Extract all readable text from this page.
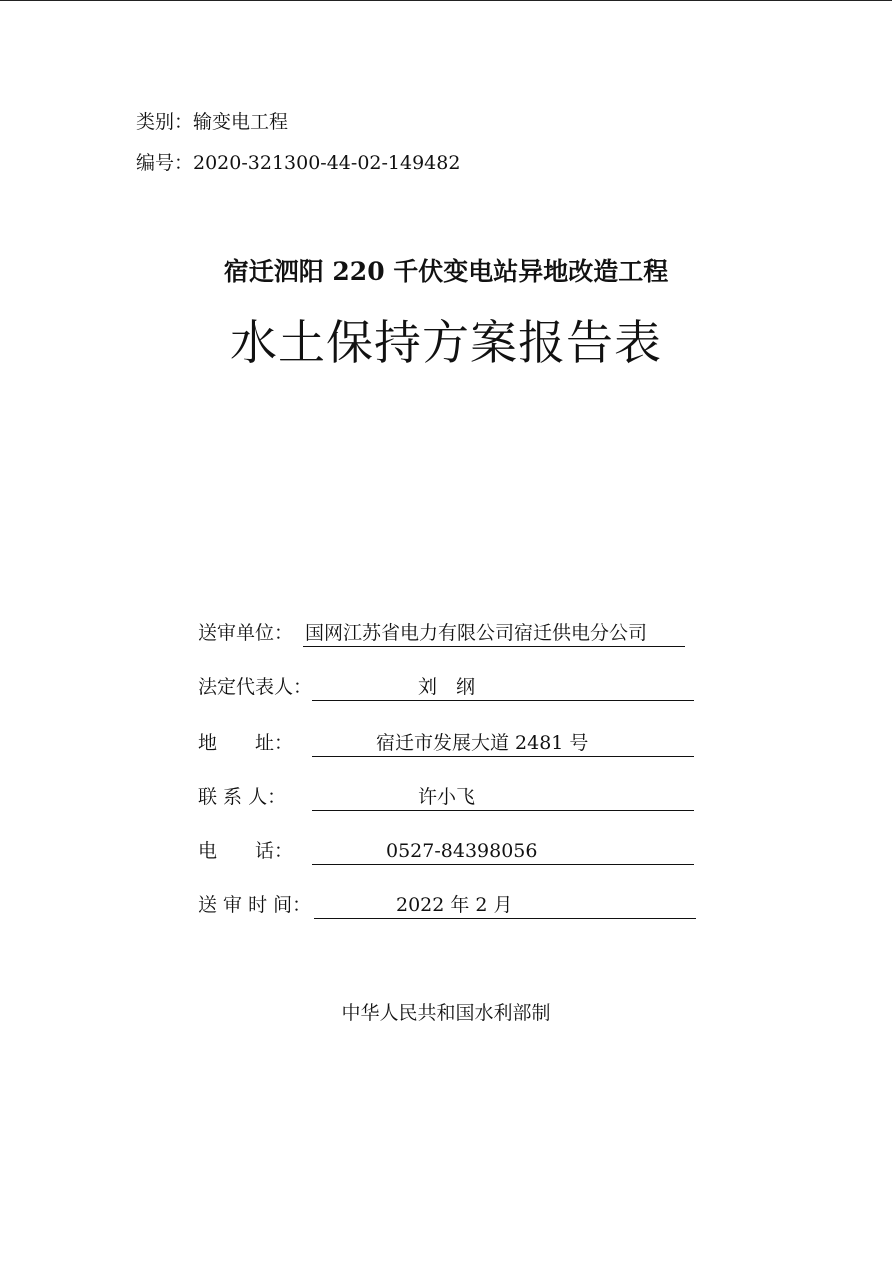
类别：输变电工程
编号：2020-321300-44-02-149482
宿迁泗阳 220 千伏变电站异地改造工程
水土保持方案报告表
送审单位： 国网江苏省电力有限公司宿迁供电分公司
法定代表人：	刘　纲
地　　址：	宿迁市发展大道 2481 号
联 系 人：	许小飞
电　　话：	0527-84398056
送 审 时 间：	2022 年 2 月
中华人民共和国水利部制
